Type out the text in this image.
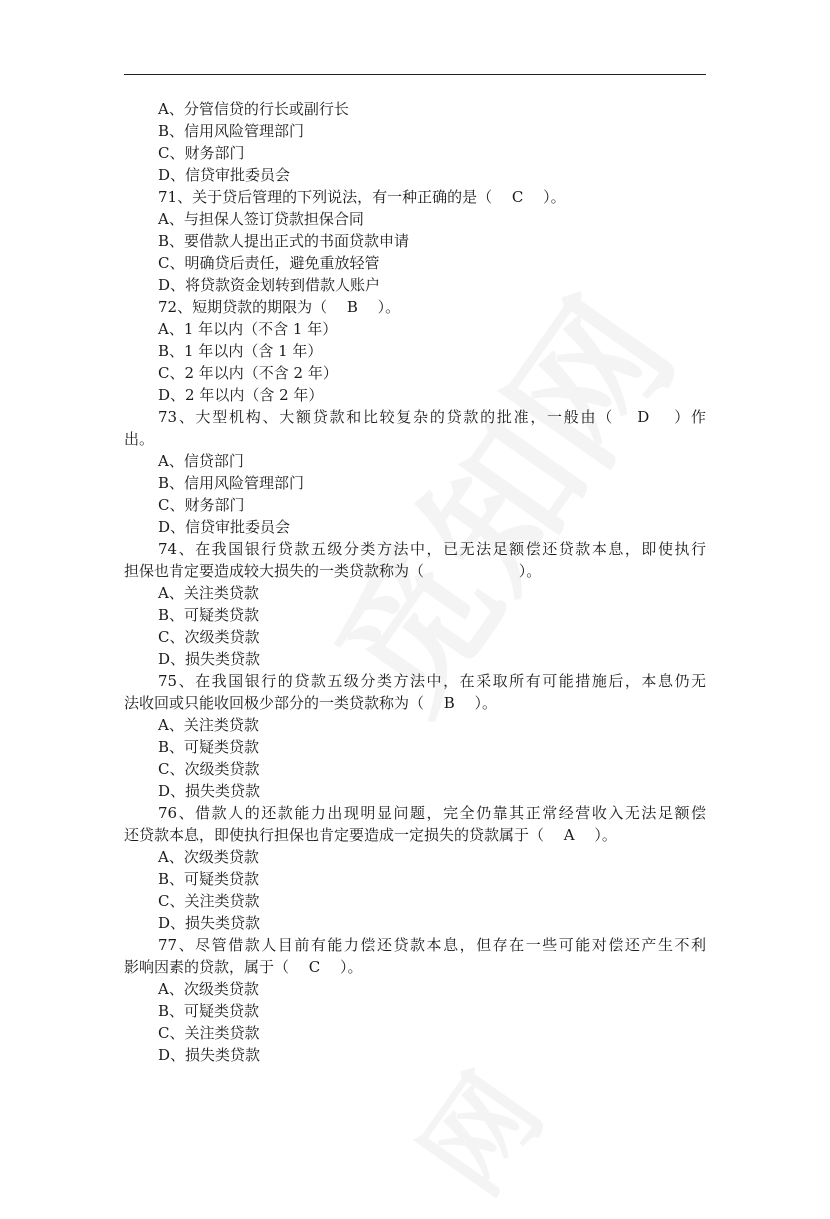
A、分管信贷的行长或副行长
B、信用风险管理部门
C、财务部门
D、信贷审批委员会
71、关于贷后管理的下列说法，有一种正确的是（　 C　 ）。
A、与担保人签订贷款担保合同
B、要借款人提出正式的书面贷款申请
C、明确贷后责任，避免重放轻管
D、将贷款资金划转到借款人账户
72、短期贷款的期限为（　 B　 ）。
A、1 年以内（不含 1 年）
B、1 年以内（含 1 年）
C、2 年以内（不含 2 年）
D、2 年以内（含 2 年）
73、大型机构、大额贷款和比较复杂的贷款的批准，一般由（　 D　 ）作
出。
A、信贷部门
B、信用风险管理部门
C、财务部门
D、信贷审批委员会
74、在我国银行贷款五级分类方法中，已无法足额偿还贷款本息，即使执行
担保也肯定要造成较大损失的一类贷款称为（　　　　　　 ）。
A、关注类贷款
B、可疑类贷款
C、次级类贷款
D、损失类贷款
75、在我国银行的贷款五级分类方法中，在采取所有可能措施后，本息仍无
法收回或只能收回极少部分的一类贷款称为（　 B　 ）。
A、关注类贷款
B、可疑类贷款
C、次级类贷款
D、损失类贷款
76、借款人的还款能力出现明显问题，完全仍靠其正常经营收入无法足额偿
还贷款本息，即使执行担保也肯定要造成一定损失的贷款属于（　 A　 ）。
A、次级类贷款
B、可疑类贷款
C、关注类贷款
D、损失类贷款
77、尽管借款人目前有能力偿还贷款本息，但存在一些可能对偿还产生不利
影响因素的贷款，属于（　 C　 ）。
A、次级类贷款
B、可疑类贷款
C、关注类贷款
D、损失类贷款
